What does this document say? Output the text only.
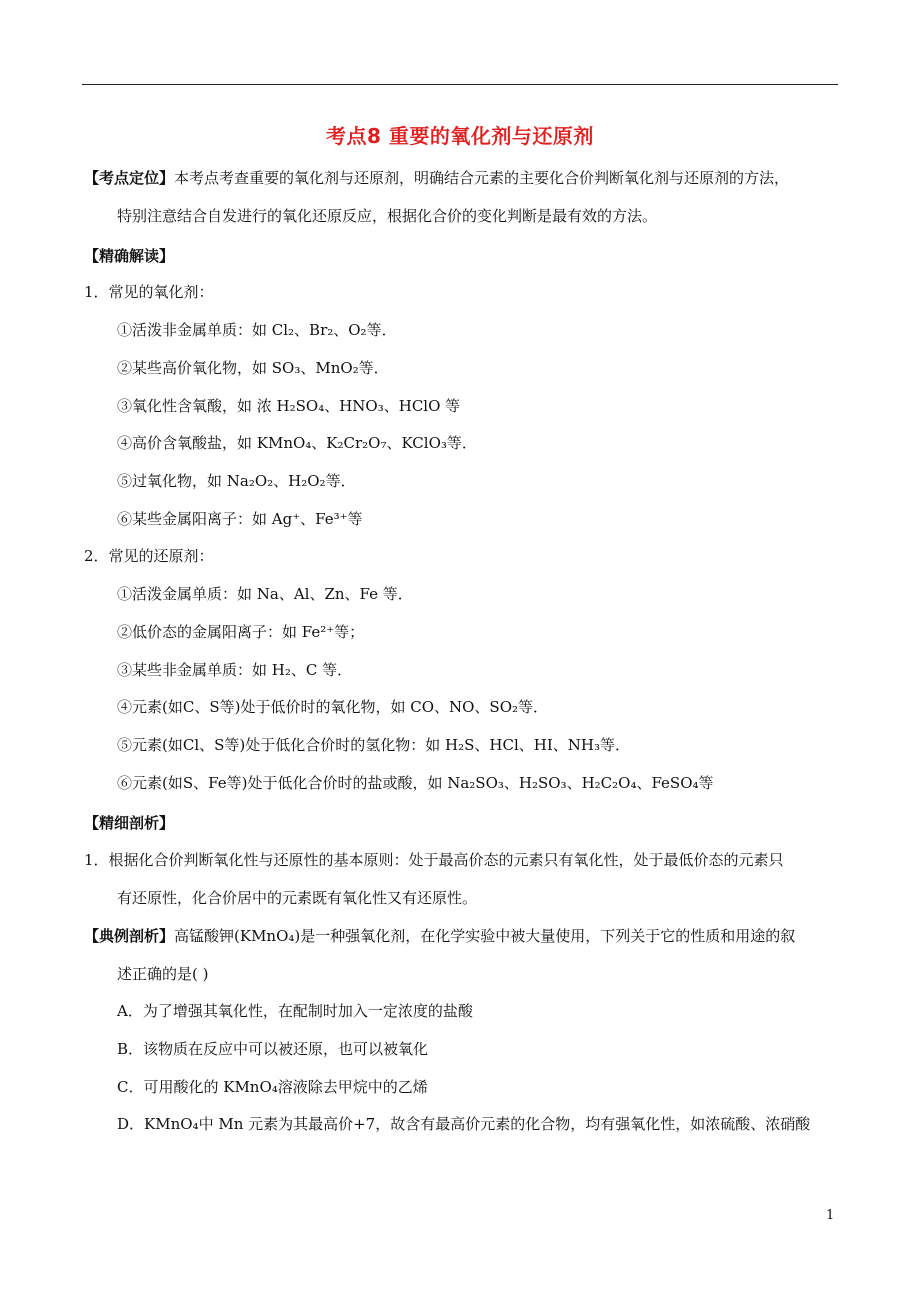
考点8 重要的氧化剂与还原剂
【考点定位】本考点考查重要的氧化剂与还原剂，明确结合元素的主要化合价判断氧化剂与还原剂的方法，
特别注意结合自发进行的氧化还原反应，根据化合价的变化判断是最有效的方法。
【精确解读】
1．常见的氧化剂：
①活泼非金属单质：如 Cl₂、Br₂、O₂等．
②某些高价氧化物，如 SO₃、MnO₂等．
③氧化性含氧酸，如 浓 H₂SO₄、HNO₃、HClO 等
④高价含氧酸盐，如 KMnO₄、K₂Cr₂O₇、KClO₃等．
⑤过氧化物，如 Na₂O₂、H₂O₂等．
⑥某些金属阳离子：如 Ag⁺、Fe³⁺等
2．常见的还原剂：
①活泼金属单质：如 Na、Al、Zn、Fe 等．
②低价态的金属阳离子：如 Fe²⁺等；
③某些非金属单质：如 H₂、C 等．
④元素(如C、S等)处于低价时的氧化物，如 CO、NO、SO₂等．
⑤元素(如Cl、S等)处于低化合价时的氢化物：如 H₂S、HCl、HI、NH₃等．
⑥元素(如S、Fe等)处于低化合价时的盐或酸，如 Na₂SO₃、H₂SO₃、H₂C₂O₄、FeSO₄等
【精细剖析】
1．根据化合价判断氧化性与还原性的基本原则：处于最高价态的元素只有氧化性，处于最低价态的元素只
有还原性，化合价居中的元素既有氧化性又有还原性。
【典例剖析】高锰酸钾(KMnO₄)是一种强氧化剂，在化学实验中被大量使用，下列关于它的性质和用途的叙
述正确的是( )
A．为了增强其氧化性，在配制时加入一定浓度的盐酸
B．该物质在反应中可以被还原，也可以被氧化
C．可用酸化的 KMnO₄溶液除去甲烷中的乙烯
D．KMnO₄中 Mn 元素为其最高价+7，故含有最高价元素的化合物，均有强氧化性，如浓硫酸、浓硝酸
1
